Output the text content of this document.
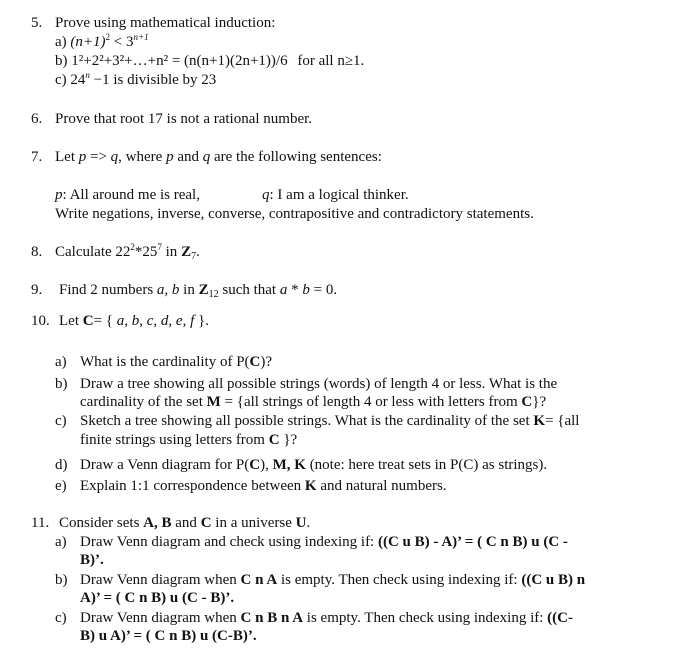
5. Prove using mathematical induction:
a) $(n+1)^2 < 3^{n+1}$
b) 1²+2²+3²+…+n² = (n(n+1)(2n+1))/6 for all n≥1.
c) $24^n -1$ is divisible by 23
6. Prove that root 17 is not a rational number.
7. Let p => q, where p and q are the following sentences:
p: All around me is real,	q: I am a logical thinker.
Write negations, inverse, converse, contrapositive and contradictory statements.
8. Calculate $22^2*25^7$ in $Z_7$.
9. Find 2 numbers a, b in $Z_{12}$ such that a * b = 0.
10. Let C= { a, b, c, d, e, f }.
a) What is the cardinality of P(C)?
b) Draw a tree showing all possible strings (words) of length 4 or less. What is the
cardinality of the set M = {all strings of length 4 or less with letters from C}?
c) Sketch a tree showing all possible strings. What is the cardinality of the set K= {all
finite strings using letters from C }?
d) Draw a Venn diagram for P(C), M, K (note: here treat sets in P(C) as strings).
e) Explain 1:1 correspondence between K and natural numbers.
11. Consider sets A, B and C in a universe U.
a) Draw Venn diagram and check using indexing if: ((C u B) - A)’ = ( C n B) u (C -
B)’.
b) Draw Venn diagram when C n A is empty. Then check using indexing if: ((C u B) n
A)’ = ( C n B) u (C - B)’.
c) Draw Venn diagram when C n B n A is empty. Then check using indexing if: ((C-
B) u A)’ = ( C n B) u (C-B)’.
